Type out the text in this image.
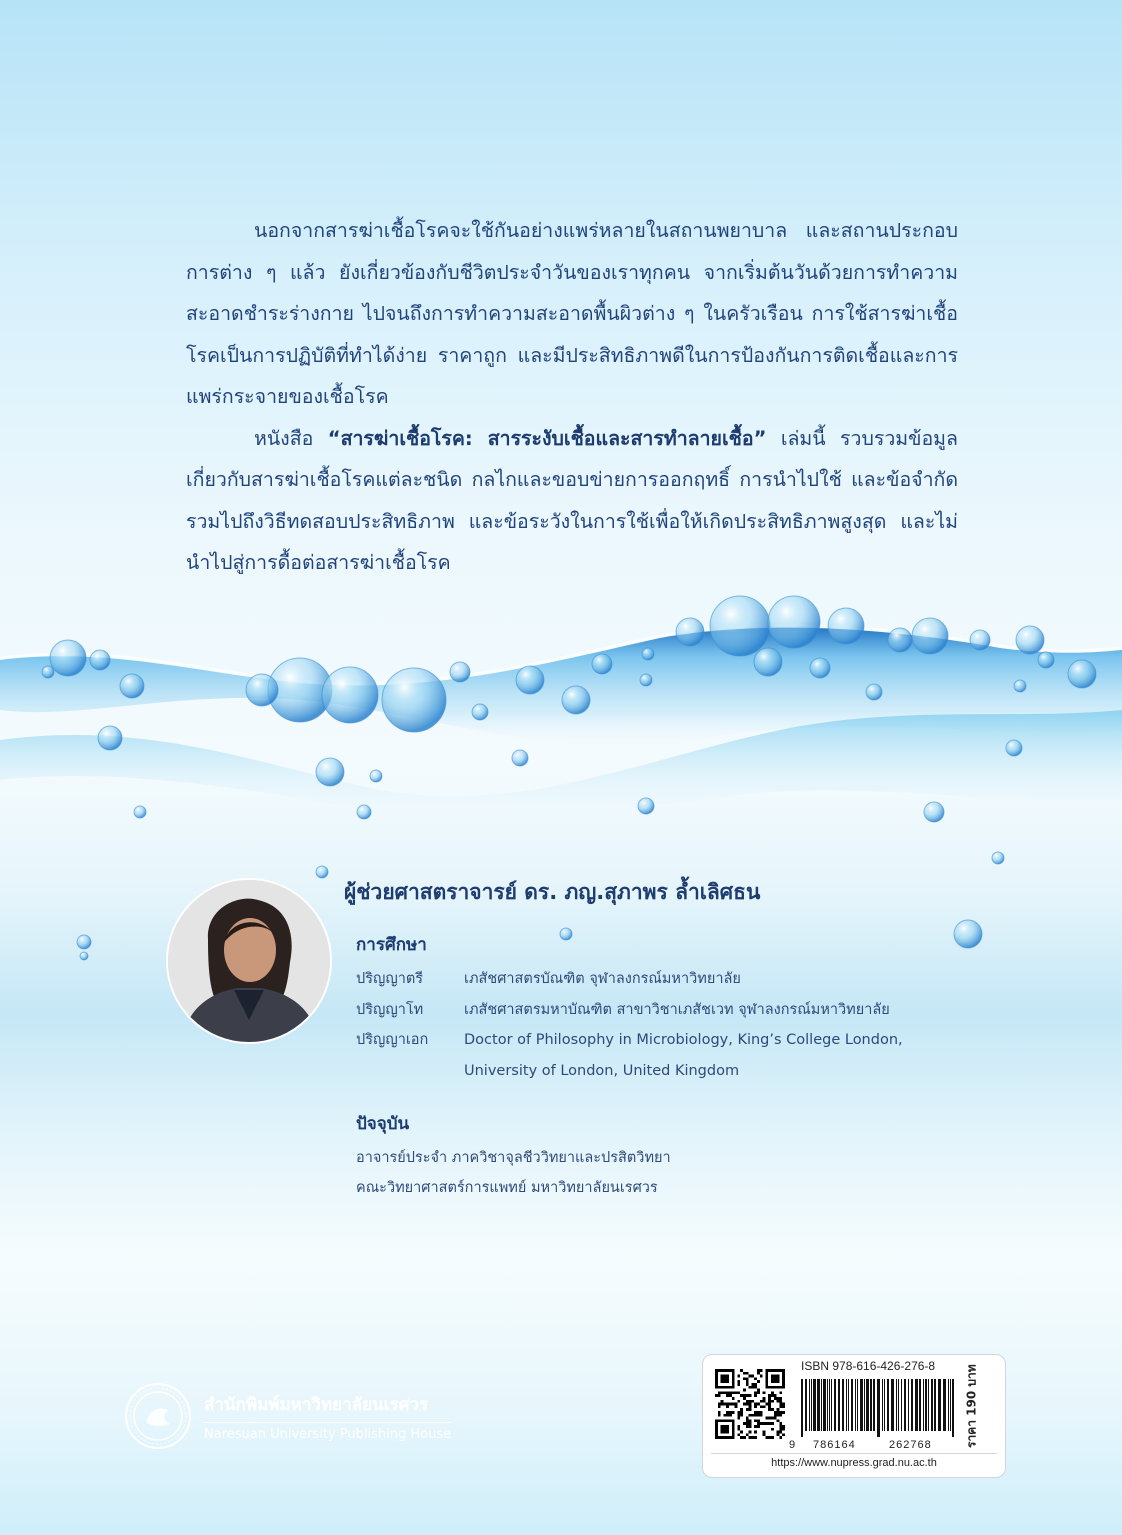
นอกจากสารฆ่าเชื้อโรคจะใช้กันอย่างแพร่หลายในสถานพยาบาล และสถานประกอบการต่าง ๆ แล้ว ยังเกี่ยวข้องกับชีวิตประจำวันของเราทุกคน จากเริ่มต้นวันด้วยการทำความสะอาดชำระร่างกาย ไปจนถึงการทำความสะอาดพื้นผิวต่าง ๆ ในครัวเรือน การใช้สารฆ่าเชื้อโรคเป็นการปฏิบัติที่ทำได้ง่าย ราคาถูก และมีประสิทธิภาพดีในการป้องกันการติดเชื้อและการแพร่กระจายของเชื้อโรค

หนังสือ “สารฆ่าเชื้อโรค: สารระงับเชื้อและสารทำลายเชื้อ” เล่มนี้ รวบรวมข้อมูลเกี่ยวกับสารฆ่าเชื้อโรคแต่ละชนิด กลไกและขอบข่ายการออกฤทธิ์ การนำไปใช้ และข้อจำกัด รวมไปถึงวิธีทดสอบประสิทธิภาพ และข้อระวังในการใช้เพื่อให้เกิดประสิทธิภาพสูงสุด และไม่นำไปสู่การดื้อต่อสารฆ่าเชื้อโรค

ผู้ช่วยศาสตราจารย์ ดร. ภญ.สุภาพร ล้ำเลิศธน
การศึกษา
ปริญญาตรี	เภสัชศาสตรบัณฑิต จุฬาลงกรณ์มหาวิทยาลัย
ปริญญาโท	เภสัชศาสตรมหาบัณฑิต สาขาวิชาเภสัชเวท จุฬาลงกรณ์มหาวิทยาลัย
ปริญญาเอก	Doctor of Philosophy in Microbiology, King’s College London,
University of London, United Kingdom
ปัจจุบัน
อาจารย์ประจำ ภาควิชาจุลชีววิทยาและปรสิตวิทยา
คณะวิทยาศาสตร์การแพทย์ มหาวิทยาลัยนเรศวร
สำนักพิมพ์มหาวิทยาลัยนเรศวร
Naresuan University Publishing House
ISBN 978-616-426-276-8
9 786164	262768	ราคา 190 บาท
https://www.nupress.grad.nu.ac.th
